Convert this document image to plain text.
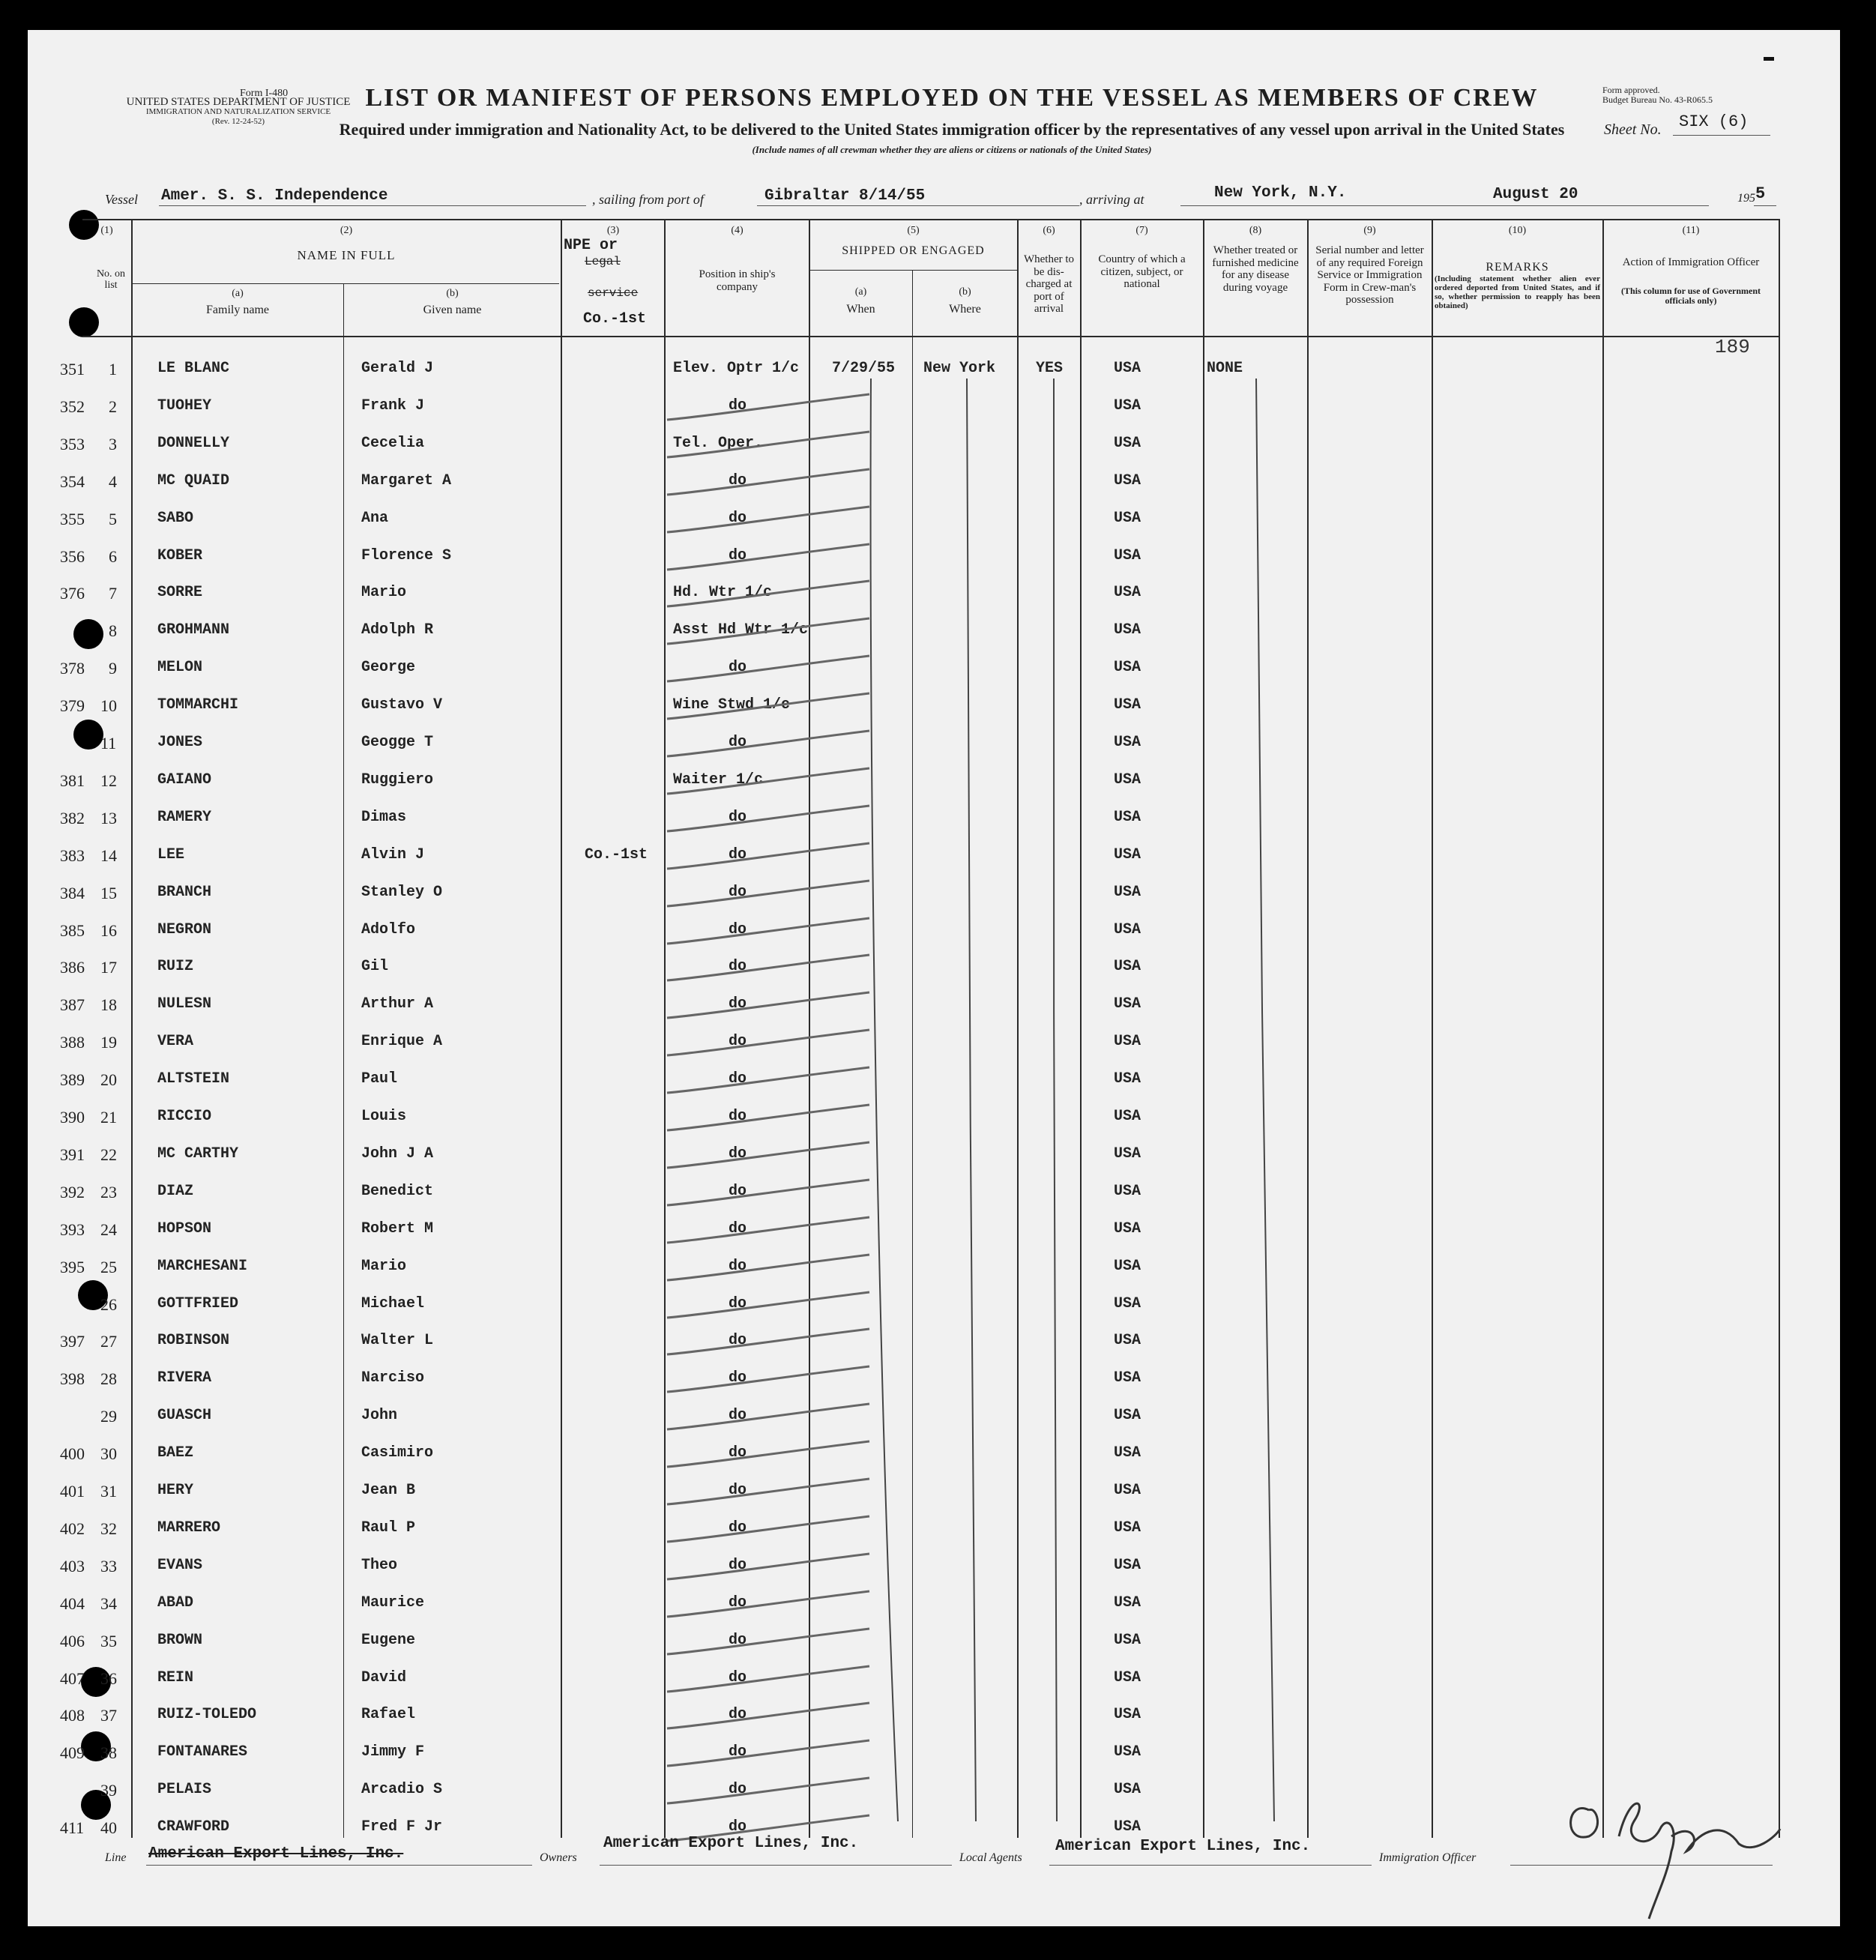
Form I-480
UNITED STATES DEPARTMENT OF JUSTICE
IMMIGRATION AND NATURALIZATION SERVICE
(Rev. 12-24-52)
Form approved.
Budget Bureau No. 43-R065.5
Sheet No. SIX (6)
LIST OR MANIFEST OF PERSONS EMPLOYED ON THE VESSEL AS MEMBERS OF CREW
Required under immigration and Nationality Act, to be delivered to the United States immigration officer by the representatives of any vessel upon arrival in the United States
(Include names of all crewman whether they are aliens or citizens or nationals of the United States)
Vessel Amer. S. S. Independence	, sailing from port of	Gibraltar 8/14/55	, arriving at	New York, N.Y.	August 20	195 5
(1)
No. on list
(2)
NAME IN FULL
(a)
Family name
(b)
Given name
(3)
NPE or
Legal
service
Co.-1st
(4)
Position in ship's company
(5)
SHIPPED OR ENGAGED
(a)
When
(b)
Where
(6)
Whether to be dis-charged at port of arrival
(7)
Country of which a citizen, subject, or national
(8)
Whether treated or furnished medicine for any disease during voyage
(9)
Serial number and letter of any required Foreign Service or Immigration Form in Crew-man's possession
(10)
REMARKS
(Including statement whether alien ever ordered deported from United States, and if so, whether permission to reapply has been obtained)
(11)
Action of Immigration Officer
(This column for use of Government officials only)
189
351 1	LE BLANC	Gerald J	Elev. Optr 1/c 7/29/55 New York	YES	USA	NONE
352 2	TUOHEY	Frank J	do	USA
353 3	DONNELLY	Cecelia	Tel. Oper.	USA
354 4	MC QUAID	Margaret A	do	USA
355 5	SABO	Ana	do	USA
356 6	KOBER	Florence S	do	USA
376 7	SORRE	Mario	Hd. Wtr 1/c	USA
8	GROHMANN	Adolph R	Asst Hd Wtr 1/c	USA
378 9	MELON	George	do	USA
379 10	TOMMARCHI	Gustavo V	Wine Stwd 1/c	USA
11	JONES	Geogge T	do	USA
381 12	GAIANO	Ruggiero	Waiter 1/c	USA
382 13	RAMERY	Dimas	do	USA
383 14	LEE	Alvin J	Co.-1st	do	USA
384 15	BRANCH	Stanley O	do	USA
385 16	NEGRON	Adolfo	do	USA
386 17	RUIZ	Gil	do	USA
387 18	NULESN	Arthur A	do	USA
388 19	VERA	Enrique A	do	USA
389 20	ALTSTEIN	Paul	do	USA
390 21	RICCIO	Louis	do	USA
391 22	MC CARTHY	John J A	do	USA
392 23	DIAZ	Benedict	do	USA
393 24	HOPSON	Robert M	do	USA
395 25	MARCHESANI	Mario	do	USA
26	GOTTFRIED	Michael	do	USA
397 27	ROBINSON	Walter L	do	USA
398 28	RIVERA	Narciso	do	USA
29	GUASCH	John	do	USA
400 30	BAEZ	Casimiro	do	USA
401 31	HERY	Jean B	do	USA
402 32	MARRERO	Raul P	do	USA
403 33	EVANS	Theo	do	USA
404 34	ABAD	Maurice	do	USA
406 35	BROWN	Eugene	do	USA
407 36	REIN	David	do	USA
408 37	RUIZ-TOLEDO	Rafael	do	USA
409 38	FONTANARES	Jimmy F	do	USA
39	PELAIS	Arcadio S	do	USA
411 40	CRAWFORD	Fred F Jr	do	USA
Line American Export Lines, Inc.	Owners
American Export Lines, Inc.
Local Agents
American Export Lines, Inc.
Immigration Officer
